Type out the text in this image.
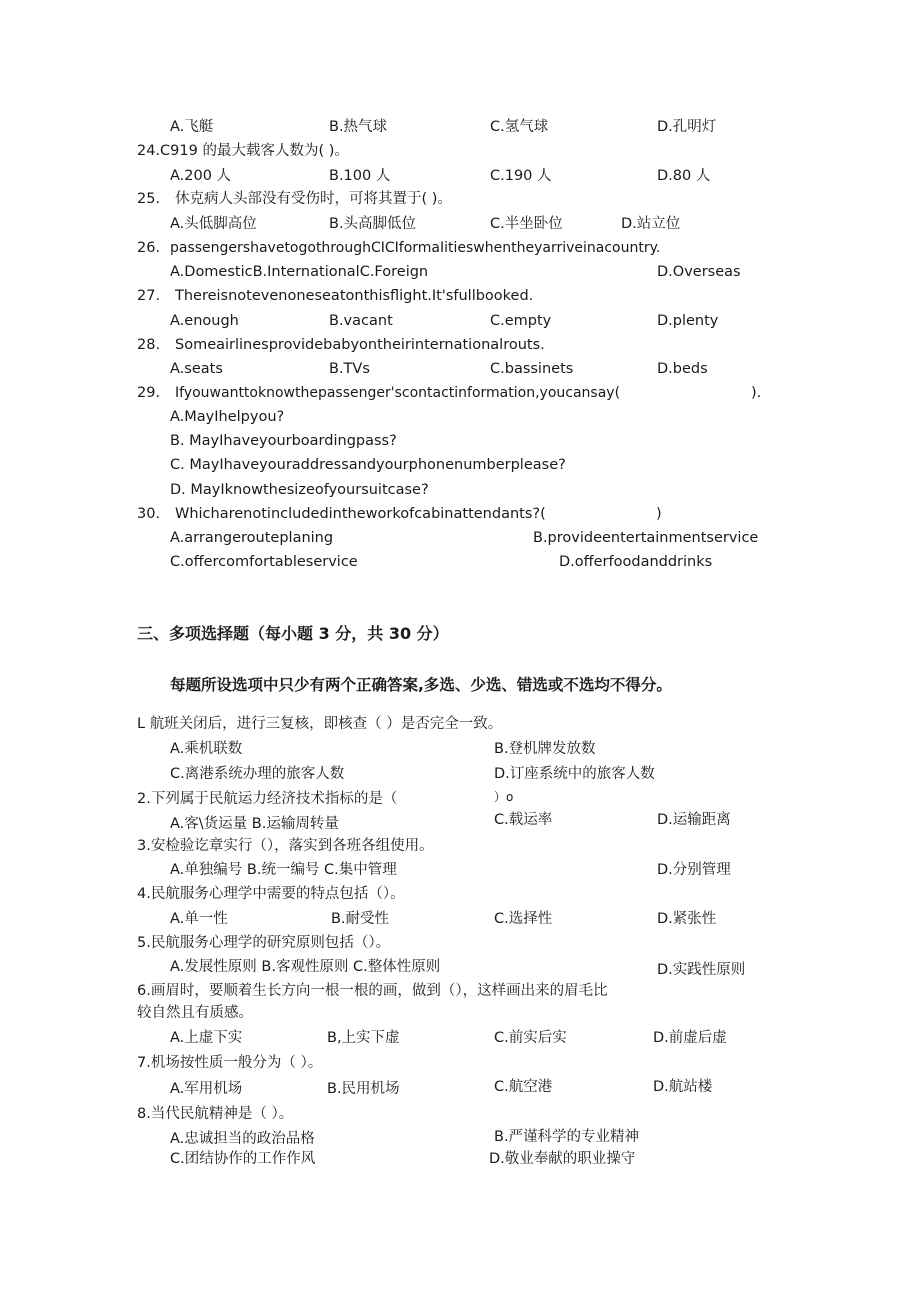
A.飞艇	B.热气球	C.氢气球	D.孔明灯
24.C919 的最大载客人数为( )。
A.200 人	B.100 人	C.190 人	D.80 人
25. 休克病人头部没有受伤时，可将其置于( )。
A.头低脚高位	B.头高脚低位	C.半坐卧位	D.站立位
26. passengershavetogothroughCICIformaIitieswhentheyarriveinacountry.
A.DomesticB.InternationalC.Foreign	D.Overseas
27. Thereisnotevenoneseatonthisflight.It'sfullbooked.
A.enough	B.vacant	C.empty	D.plenty
28. Someairlinesprovidebabyontheirinternationalrouts.
A.seats	B.TVs	C.bassinets	D.beds
29. Ifyouwanttoknowthepassenger'scontactinformation,youcansay(	).
A.MayIhelpyou?
B. MayIhaveyourboardingpass?
C. MayIhaveyouraddressandyourphonenumberplease?
D. MayIknowthesizeofyoursuitcase?
30. Whicharenotincludedintheworkofcabinattendants?(	)
A.arrangerouteplaning	B.provideentertainmentservice
C.offercomfortableservice	D.offerfoodanddrinks
三、多项选择题（每小题 3 分，共 30 分）
每题所设选项中只少有两个正确答案,多选、少选、错选或不选均不得分。
L 航班关闭后，进行三复核，即核查（ ）是否完全一致。
A.乘机联数	B.登机牌发放数
C.离港系统办理的旅客人数	D.订座系统中的旅客人数
2.下列属于民航运力经济技术指标的是（	）o
A.客\货运量 B.运输周转量	C.载运率	D.运输距离
3.安检验讫章实行（），落实到各班各组使用。
A.单独编号 B.统一编号 C.集中管理	D.分别管理
4.民航服务心理学中需要的特点包括（）。
A.单一性	B.耐受性	C.选择性	D.紧张性
5.民航服务心理学的研究原则包括（）。
A.发展性原则 B.客观性原则 C.整体性原则	D.实践性原则
6.画眉时，要顺着生长方向一根一根的画，做到（），这样画出来的眉毛比
较自然且有质感。
A.上虚下实	B,上实下虚	C.前实后实	D.前虚后虚
7.机场按性质一般分为（ ）。
A.军用机场	B.民用机场	C.航空港	D.航站楼
8.当代民航精神是（ ）。
A.忠诚担当的政治品格	B.严谨科学的专业精神
C.团结协作的工作作风	D.敬业奉献的职业操守
